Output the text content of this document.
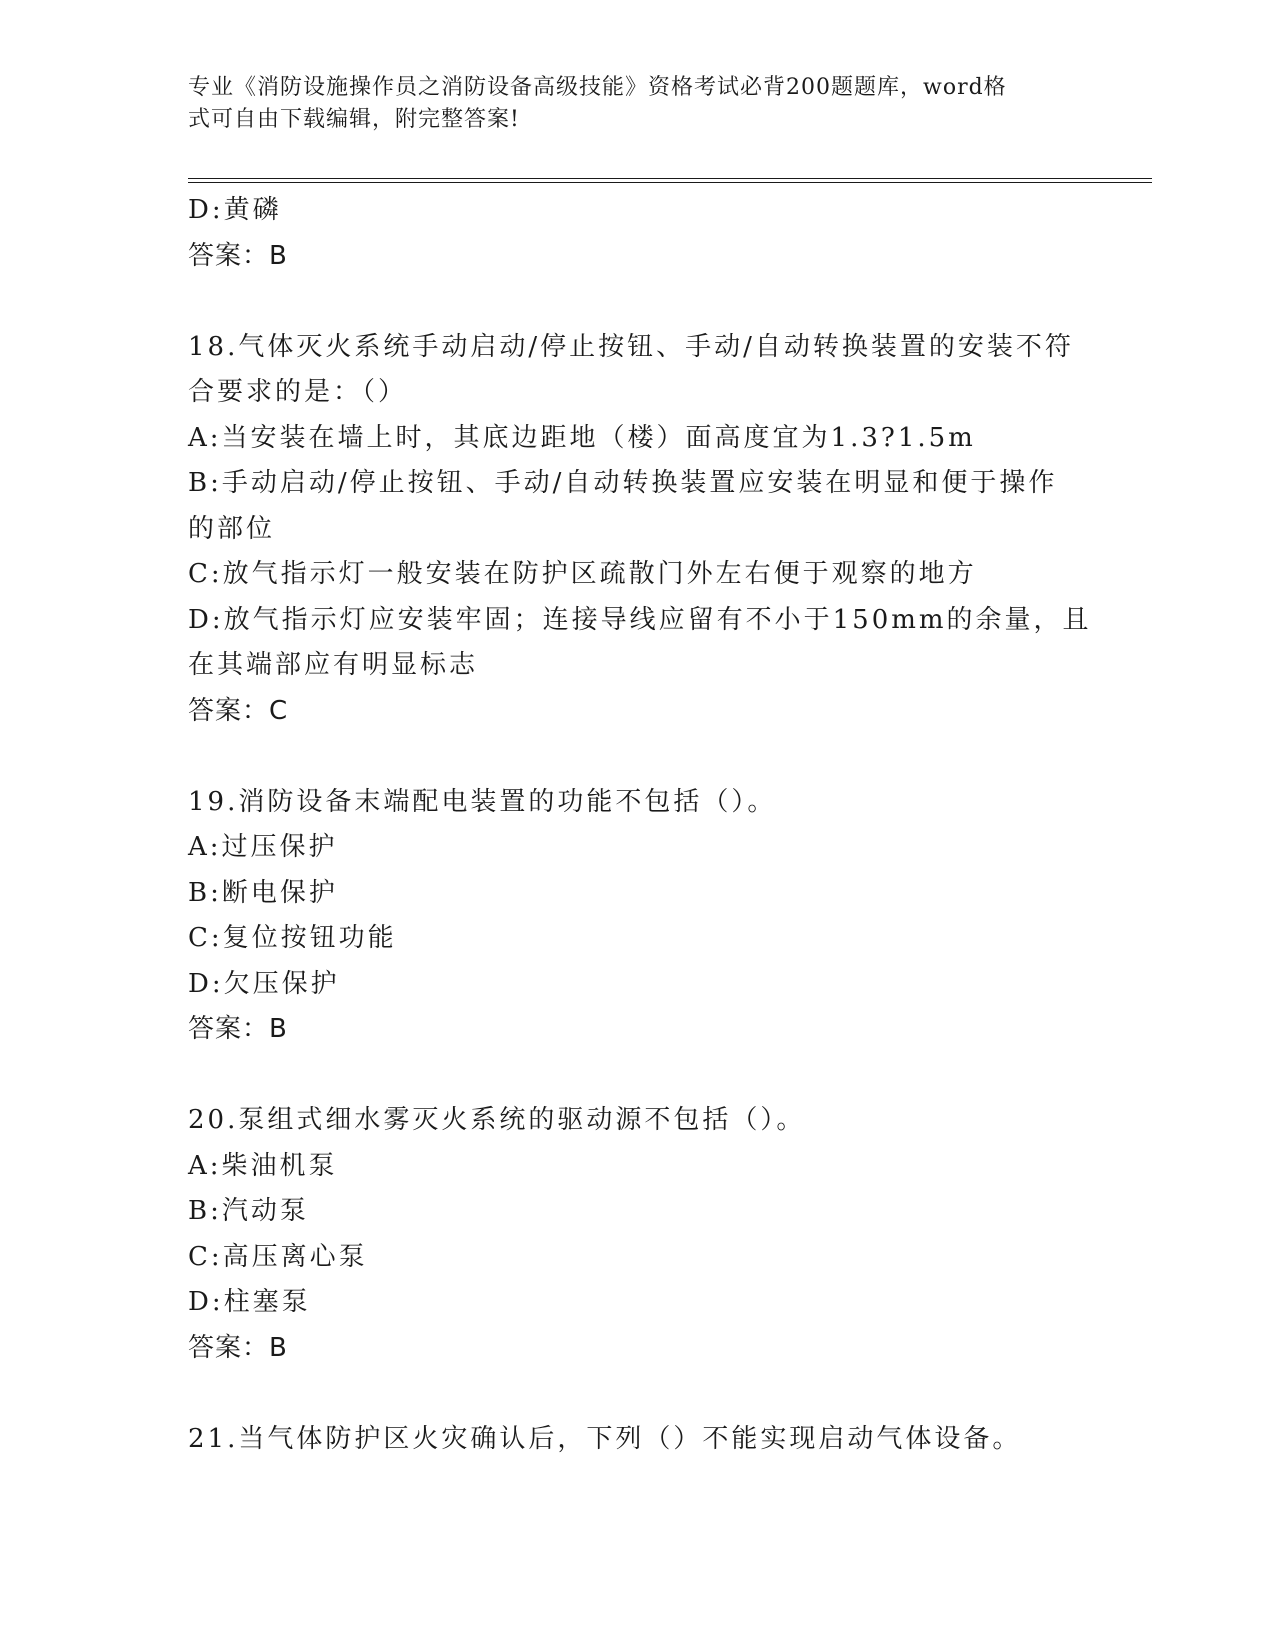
专业《消防设施操作员之消防设备高级技能》资格考试必背200题题库，word格
式可自由下载编辑，附完整答案!
D:黄磷
答案：B
18.气体灭火系统手动启动/停止按钮、手动/自动转换装置的安装不符
合要求的是：（）
A:当安装在墙上时，其底边距地（楼）面高度宜为1.3?1.5m
B:手动启动/停止按钮、手动/自动转换装置应安装在明显和便于操作
的部位
C:放气指示灯一般安装在防护区疏散门外左右便于观察的地方
D:放气指示灯应安装牢固；连接导线应留有不小于150mm的余量，且
在其端部应有明显标志
答案：C
19.消防设备末端配电装置的功能不包括（）。
A:过压保护
B:断电保护
C:复位按钮功能
D:欠压保护
答案：B
20.泵组式细水雾灭火系统的驱动源不包括（）。
A:柴油机泵
B:汽动泵
C:高压离心泵
D:柱塞泵
答案：B
21.当气体防护区火灾确认后，下列（）不能实现启动气体设备。
